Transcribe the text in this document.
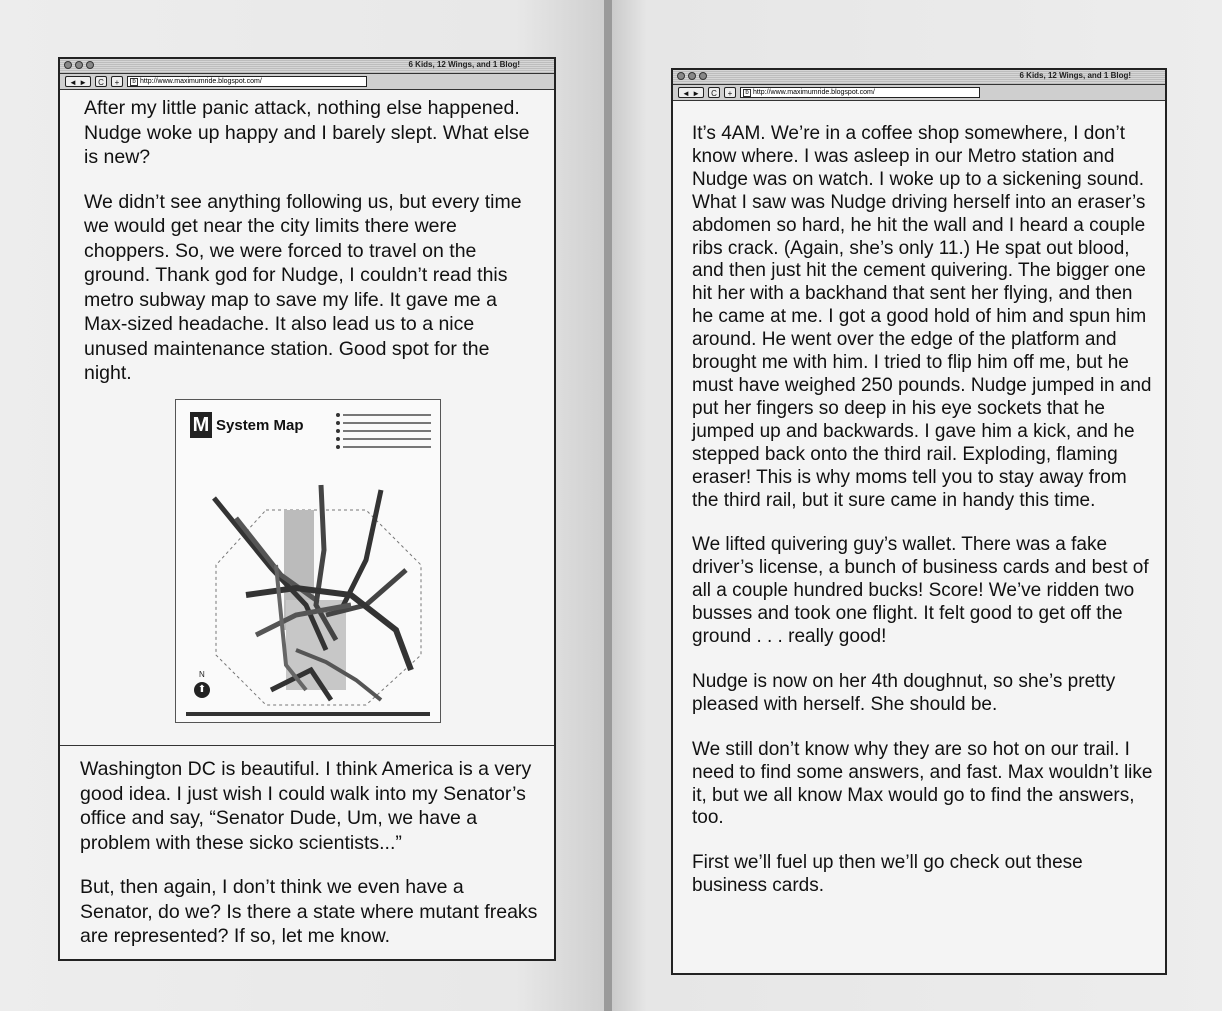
6 Kids, 12 Wings, and 1 Blog!
◄ ►	C	+	b http://www.maximumride.blogspot.com/

After my little panic attack, nothing else happened. Nudge woke up happy and I barely slept. What else is new?

We didn’t see anything following us, but every time we would get near the city limits there were choppers. So, we were forced to travel on the ground. Thank god for Nudge, I couldn’t read this metro subway map to save my life. It gave me a Max-sized headache. It also lead us to a nice unused maintenance station. Good spot for the night.

M System Map
N
⬆

Washington DC is beautiful. I think America is a very good idea. I just wish I could walk into my Senator’s office and say, “Senator Dude, Um, we have a problem with these sicko scientists...”

But, then again, I don’t think we even have a Senator, do we? Is there a state where mutant freaks are represented? If so, let me know.

6 Kids, 12 Wings, and 1 Blog!
◄ ►	C	+	b http://www.maximumride.blogspot.com/

It’s 4AM. We’re in a coffee shop somewhere, I don’t know where. I was asleep in our Metro station and Nudge was on watch. I woke up to a sickening sound. What I saw was Nudge driving herself into an eraser’s abdomen so hard, he hit the wall and I heard a couple ribs crack. (Again, she’s only 11.) He spat out blood, and then just hit the cement quivering. The bigger one hit her with a backhand that sent her flying, and then he came at me. I got a good hold of him and spun him around. He went over the edge of the platform and brought me with him. I tried to flip him off me, but he must have weighed 250 pounds. Nudge jumped in and put her fingers so deep in his eye sockets that he jumped up and backwards. I gave him a kick, and he stepped back onto the third rail. Exploding, flaming eraser! This is why moms tell you to stay away from the third rail, but it sure came in handy this time.

We lifted quivering guy’s wallet. There was a fake driver’s license, a bunch of business cards and best of all a couple hundred bucks! Score! We’ve ridden two busses and took one flight. It felt good to get off the ground . . . really good!

Nudge is now on her 4th doughnut, so she’s pretty pleased with herself. She should be.

We still don’t know why they are so hot on our trail. I need to find some answers, and fast. Max wouldn’t like it, but we all know Max would go to find the answers, too.

First we’ll fuel up then we’ll go check out these business cards.
